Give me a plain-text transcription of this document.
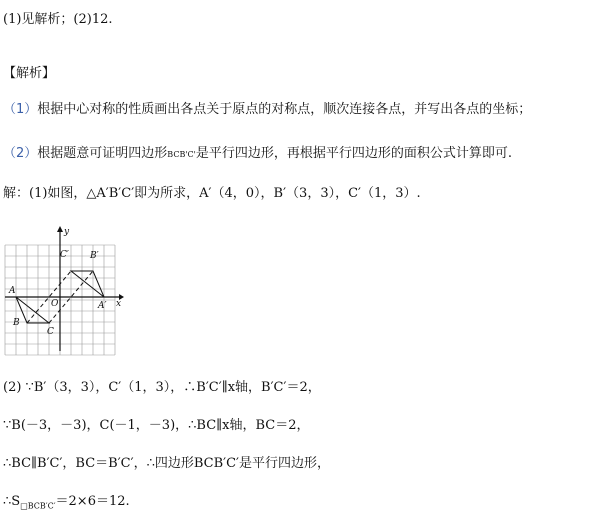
(1)见解析；(2)12.
【解析】
（1）根据中心对称的性质画出各点关于原点的对称点，顺次连接各点，并写出各点的坐标；
（2）根据题意可证明四边形BCB'C'是平行四边形，再根据平行四边形的面积公式计算即可.
解：(1)如图，△A′B′C′即为所求，A′（4，0），B′（3，3），C′（1，3）.
y
x
O
A
B
C
A′
B′
C′
(2) ∵B′（3，3），C′（1，3），∴B′C′∥x轴，B′C′＝2，
∵B(－3，－3)，C(－1，－3)，∴BC∥x轴，BC＝2，
∴BC∥B′C′，BC＝B′C′，∴四边形BCB′C′是平行四边形，
$\therefore S_{□BCB'C'}=2\times 6=12$.
